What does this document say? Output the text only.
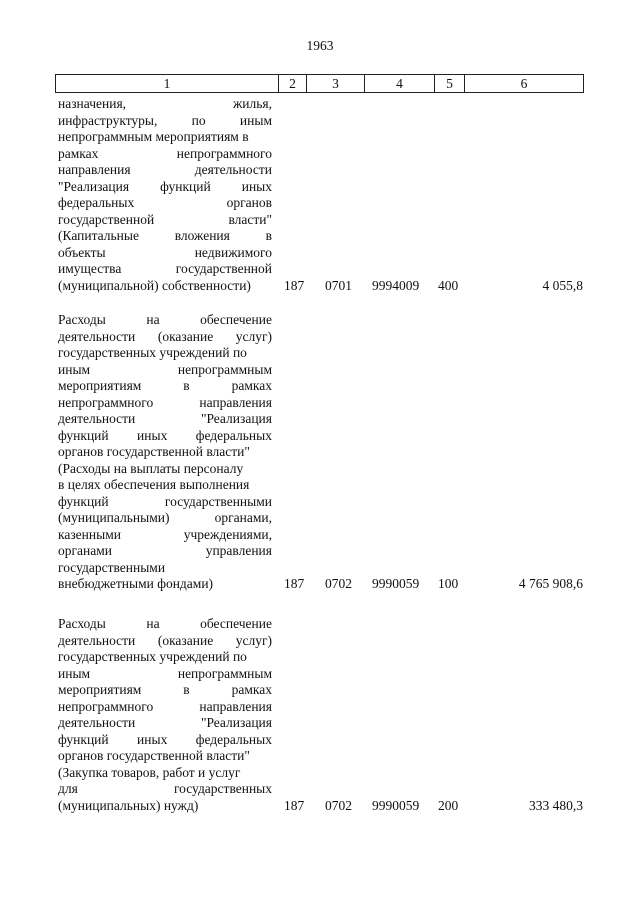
1963
1	2	3	4	5	6
назначения,	жилья,
инфраструктуры,	по	иным
непрограммным мероприятиям в
рамках	непрограммного
направления	деятельности
"Реализация функций иных
федеральных	органов
государственной	власти"
(Капитальные	вложения	в
объекты	недвижимого
имущества	государственной
(муниципальной) собственности) 187 0701 9994009 400	4 055,8
Расходы	на	обеспечение
деятельности (оказание услуг)
государственных учреждений по
иным	непрограммным
мероприятиям	в	рамках
непрограммного	направления
деятельности	"Реализация
функций иных федеральных
органов государственной власти"
(Расходы на выплаты персоналу
в целях обеспечения выполнения
функций	государственными
(муниципальными)	органами,
казенными	учреждениями,
органами	управления
государственными
внебюджетными фондами)	187 0702 9990059 100	4 765 908,6
Расходы	на	обеспечение
деятельности (оказание услуг)
государственных учреждений по
иным	непрограммным
мероприятиям	в	рамках
непрограммного	направления
деятельности	"Реализация
функций иных федеральных
органов государственной власти"
(Закупка товаров, работ и услуг
для	государственных
(муниципальных) нужд)	187 0702 9990059 200	333 480,3
